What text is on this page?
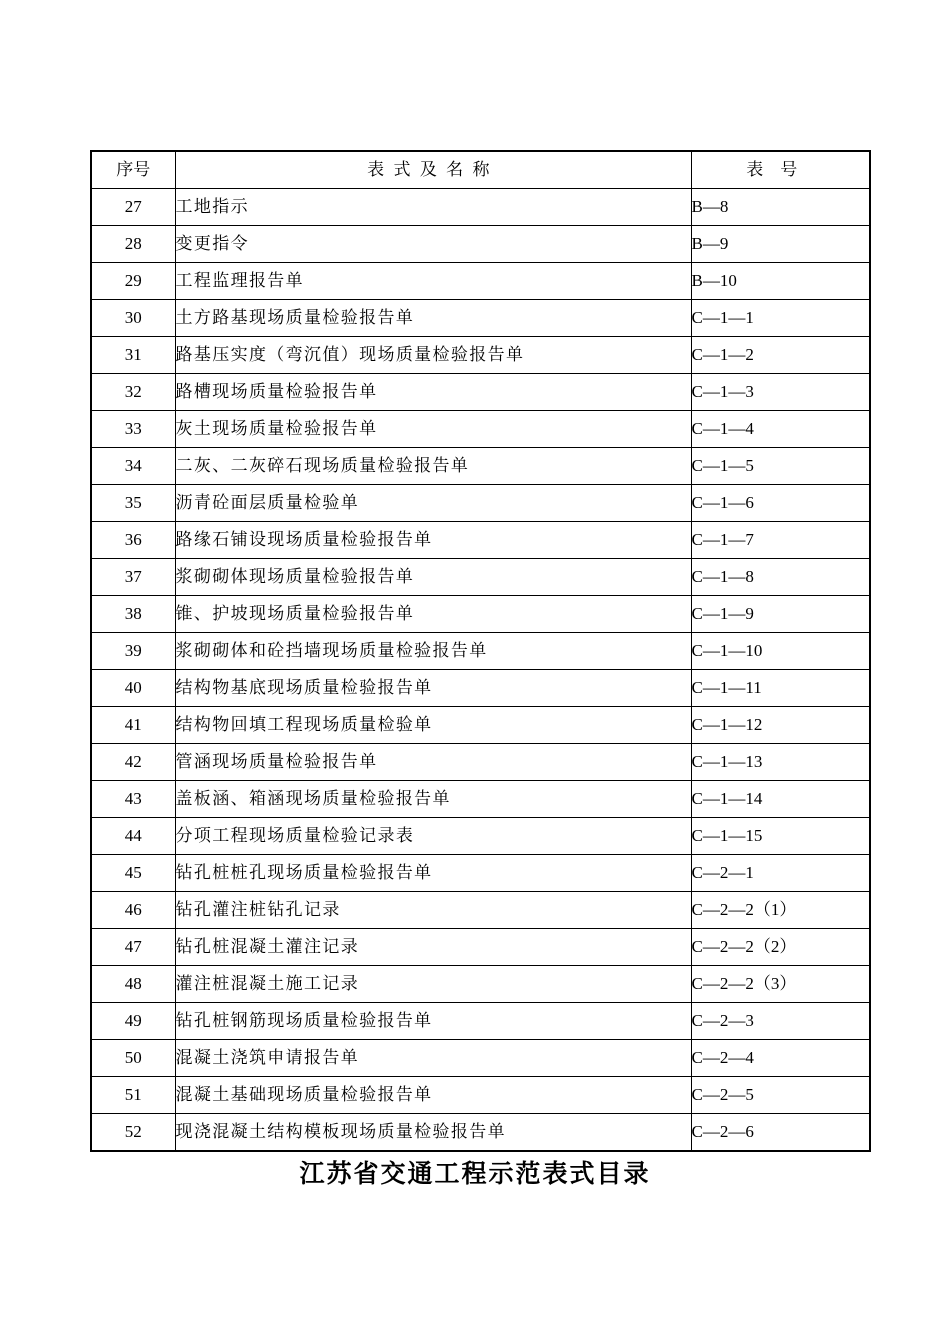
序号	表式及名称	表号
27	工地指示	B—8
28	变更指令	B—9
29	工程监理报告单	B—10
30	土方路基现场质量检验报告单	C—1—1
31	路基压实度（弯沉值）现场质量检验报告单	C—1—2
32	路槽现场质量检验报告单	C—1—3
33	灰土现场质量检验报告单	C—1—4
34	二灰、二灰碎石现场质量检验报告单	C—1—5
35	沥青砼面层质量检验单	C—1—6
36	路缘石铺设现场质量检验报告单	C—1—7
37	浆砌砌体现场质量检验报告单	C—1—8
38	锥、护坡现场质量检验报告单	C—1—9
39	浆砌砌体和砼挡墙现场质量检验报告单	C—1—10
40	结构物基底现场质量检验报告单	C—1—11
41	结构物回填工程现场质量检验单	C—1—12
42	管涵现场质量检验报告单	C—1—13
43	盖板涵、箱涵现场质量检验报告单	C—1—14
44	分项工程现场质量检验记录表	C—1—15
45	钻孔桩桩孔现场质量检验报告单	C—2—1
46	钻孔灌注桩钻孔记录	C—2—2（1）
47	钻孔桩混凝土灌注记录	C—2—2（2）
48	灌注桩混凝土施工记录	C—2—2（3）
49	钻孔桩钢筋现场质量检验报告单	C—2—3
50	混凝土浇筑申请报告单	C—2—4
51	混凝土基础现场质量检验报告单	C—2—5
52	现浇混凝土结构模板现场质量检验报告单	C—2—6
江苏省交通工程示范表式目录
